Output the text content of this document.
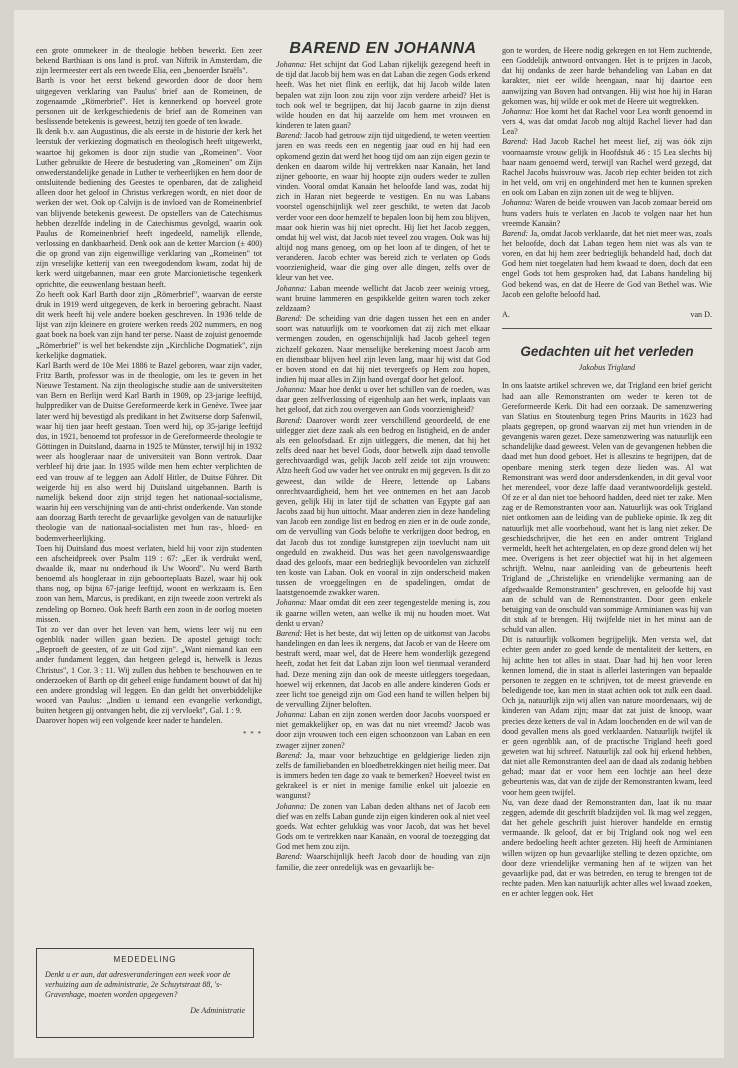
een grote ommekeer in de theologie hebben bewerkt. Een zeer bekend Barthiaan is ons land is prof. van Niftrik in Amsterdam, die zijn leermeester eert als een tweede Elia, een „benoerder Israëls".

Barth is voor het eerst bekend geworden door de door hem uitgegeven verklaring van Paulus' brief aan de Romeinen, de zogenaamde „Römerbrief". Het is kennerkend op hoeveel grote personen uit de kerkgeschiedenis de brief aan de Romeinen van beslissende betekenis is geweest, hetzij ten goede of ten kwade.

Ik denk b.v. aan Augustinus, die als eerste in de historie der kerk het leerstuk der verkiezing dogmatisch en theologisch heeft uitgewerkt, waartoe hij gekomen is door zijn studie van „Romeinen". Voor Luther gebruikte de Heere de bestudering van „Romeinen" om Zijn onwederstandelijke genade in Luther te verheerlijken en hem door de ontsluitende bediening des Geestes te openbaren, dat de zaligheid alleen door het geloof in Christus verkregen wordt, en niet door de werken der wet. Ook op Calvijn is de invloed van de Romeinenbrief van blijvende betekenis geweest. De opstellers van de Catechismus hebben dezelfde indeling in de Catechismus gevolgd, waarin ook Paulus de Romeinenbrief heeft ingedeeld, namelijk ellende, verlossing en dankbaarheid. Denk ook aan de ketter Marcion (± 400) die op grond van zijn eigenwillige verklaring van „Romeinen" tot zijn vreselijke ketterij van een tweegodendom kwam, zodat hij de kerk werd uitgebannen, maar een grote Marcionietische tegenkerk oprichtte, die eeuwenlang bestaan heeft.

Zo heeft ook Karl Barth door zijn „Römerbrief", waarvan de eerste druk in 1919 werd uitgegeven, de kerk in beroering gebracht. Naast dit werk heeft hij vele andere boeken geschreven. In 1936 telde de lijst van zijn kleinere en grotere werken reeds 202 nummers, en nog gaat boek na boek van zijn hand ter perse. Naast de zojuist genoemde „Römerbrief" is wel het bekendste zijn „Kirchliche Dogmatiek", zijn kerkelijke dogmatiek.

Karl Barth werd de 10e Mei 1886 te Bazel geboren, waar zijn vader, Fritz Barth, professor was in de theologie, om les te geven in het Nieuwe Testament. Na zijn theologische studie aan de universiteiten van Bern en Berlijn werd Karl Barth in 1909, op 23-jarige leeftijd, hulpprediker van de Duitse Gereformeerde kerk in Genève. Twee jaar later werd hij bevestigd als predikant in het Zwitserse dorp Safenwil, waar hij tien jaar heeft gestaan. Toen werd hij, op 35-jarige leeftijd dus, in 1921, benoemd tot professor in de Gereformeerde theologie te Göttingen in Duitsland, daarna in 1925 te Münster, terwijl hij in 1932 weer als hoogleraar naar de universiteit van Bonn vertrok. Daar verbleef hij drie jaar. In 1935 wilde men hem echter verplichten de eed van trouw af te leggen aan Adolf Hitler, de Duitse Führer. Dit weigerde hij en also werd hij Duitsland uitgebannen. Barth is namelijk bekend door zijn strijd tegen het nationaal-socialisme, waarin hij een verschijning van de anti-christ onderkende. Van stonde aan doorzag Barth terecht de gevaarlijke gevolgen van de natuurlijke theologie van de nationaal-socialisten met hun ras-, bloed- en bodemverheerlijking.

Toen hij Duitsland dus moest verlaten, hield hij voor zijn studenten een afscheidpreek over Psalm 119 : 67: „Eer ik verdrukt werd, dwaalde ik, maar nu onderhoud ik Uw Woord". Nu werd Barth benoemd als hoogleraar in zijn geboorteplaats Bazel, waar hij ook thans nog, op bijna 67-jarige leeftijd, woont en werkzaam is. Een zoon van hem, Marcus, is predikant, en zijn tweede zoon vertrekt als zendeling op Borneo. Ook heeft Barth een zoon in de oorlog moeten missen.

Tot zo ver dan over het leven van hem, wiens leer wij nu een ogenblik nader willen gaan bezien. De apostel getuigt toch: „Beproeft de geesten, of ze uit God zijn". „Want niemand kan een ander fundament leggen, dan hetgeen gelegd is, hetwelk is Jezus Christus", 1 Cor. 3 : 11. Wij zullen dus hebben te beschouwen en te onderzoeken of Barth op dit geheel enige fundament bouwt of dat hij een andere grondslag wil leggen. En dan geldt het onverbiddelijke woord van Paulus: „Indien u iemand een evangelie verkondigt, buiten hetgeen gij ontvangen hebt, die zij vervloekt", Gal. 1 : 9.

Daarover hopen wij een volgende keer nader te handelen.

* * *
MEDEDELING
Denkt u er aan, dat adresveranderingen een week voor de verhuizing aan de administratie, 2e Schuytstraat 88, 's-Gravenhage, moeten worden opgegeven?
De Administratie
BAREND EN JOHANNA

Johanna: Het schijnt dat God Laban rijkelijk gezegend heeft in de tijd dat Jacob bij hem was en dat Laban die zegen Gods erkend heeft. Was het niet flink en eerlijk, dat hij Jacob wilde laten bepalen wat zijn loon zou zijn voor zijn verdere arbeid? Het is toch ook wel te begrijpen, dat hij Jacob gaarne in zijn dienst wilde houden en dat hij aarzelde om hem met vrouwen en kinderen te laten gaan?

Barend: Jacob had getrouw zijn tijd uitgediend, te weten veertien jaren en was reeds een en negentig jaar oud en hij had een opkomend gezin dat werd het hoog tijd om aan zijn eigen gezin te denken en daarom wilde hij vertrekken naar Kanaän, het land zijner geboorte, en waar hij hoopte zijn ouders weder te zullen vinden. Vooral omdat Kanaän het beloofde land was, zodat hij zich in Haran niet begeerde te vestigen. En nu was Labans voorstel ogenschijnlijk wel zeer geschikt, te weten dat Jacob verder voor een door hemzelf te bepalen loon bij hem zou blijven, maar ook hierin was hij niet oprecht. Hij liet het Jacob zeggen, omdat hij wel wist, dat Jacob niet teveel zou vragen. Ook was hij altijd nog mans genoeg, om op het loon af te dingen, of het te veranderen. Jacob echter was bereid zich te verlaten op Gods voorzienigheid, waar die ging over alle dingen, zelfs over de kleur van het vee.

Johanna: Laban meende wellicht dat Jacob zeer weinig vroeg, want bruine lammeren en gespikkelde geiten waren toch zeker zeldzaam?

Barend: De scheiding van drie dagen tussen het een en ander soort was natuurlijk om te voorkomen dat zij zich met elkaar vermengen zouden, en ogenschijnlijk had Jacob geheel tegen zichzelf gekozen. Naar menselijke berekening moest Jacob arm en dienstbaar blijven heel zijn leven lang, maar hij wist dat God er boven stond en dat hij niet tevergeefs op Hem zou hopen, indien hij maar alles in Zijn hand overgaf door het geloof.

Johanna: Maar hoe denkt u over het schillen van de roeden, was daar geen zelfverlossing of eigenhulp aan het werk, inplaats van het geloof, dat zich zou overgeven aan Gods voorzienigheid?

Barend: Daarover wordt zeer verschillend geoordeeld, de ene uitlegger ziet deze zaak als een bedrog en listigheid, en de ander als een geloofsdaad. Er zijn uitleggers, die menen, dat hij het zelfs deed naar het bevel Gods, door hetwelk zijn daad tenvolle gerechtvaardigd was, gelijk Jacob zelf zeide tot zijn vrouwen: Alzo heeft God uw vader het vee ontrukt en mij gegeven. Is dit zo geweest, dan wilde de Heere, lettende op Labans onrechtvaardigheid, hem het vee ontnemen en het aan Jacob geven, gelijk Hij in later tijd de schatten van Egypte gaf aan Jacobs zaad bij hun uittocht. Maar anderen zien in deze handeling van Jacob een zondige list en bedrog en zien er in de oude zonde, om de vervulling van Gods belofte te verkrijgen door bedrog, en dat Jacob dus tot zondige kunstgrepen zijn toevlucht nam uit ongeduld en zwakheid. Dus was het geen navolgenswaardige daad des geloofs, maar een bedrieglijk bevoordelen van zichzelf ten koste van Laban. Ook en vooral in zijn onderscheid maken tussen de vroeggelingen en de spadelingen, omdat de laatstgenoemde zwakker waren.

Johanna: Maar omdat dit een zeer tegengestelde mening is, zou ik gaarne willen weten, aan welke ik mij nu houden moet. Wat denkt u ervan?

Barend: Het is het beste, dat wij letten op de uitkomst van Jacobs handelingen en dan lees ik nergens, dat Jacob er van de Heere om bestraft werd, maar wel, dat de Heere hem wonderlijk gezegend heeft, zodat het feit dat Laban zijn loon wel tienmaal veranderd had. Deze mening zijn dan ook de meeste uitleggers toegedaan, hoewel wij erkennen, dat Jacob en alle andere kinderen Gods er zeer licht toe geneigd zijn om God een hand te willen helpen bij de vervulling Zijner beloften.

Johanna: Laban en zijn zonen werden door Jacobs voorspoed er niet gemakkelijker op, en was dat nu niet vreemd? Jacob was door zijn vrouwen toch een eigen schoonzoon van Laban en een zwager zijner zonen?

Barend: Ja, maar voor bebzuchtige en geldgierige lieden zijn zelfs de familiebanden en bloedbetrekkingen niet heilig meer. Dat is immers heden ten dage zo vaak te bemerken? Hoeveel twist en gekrakeel is er niet in menige familie enkel uit jaloezie en wangunst?

Johanna: De zonen van Laban deden althans net of Jacob een dief was en zelfs Laban gunde zijn eigen kinderen ook al niet veel goeds. Wat echter gelukkig was voor Jacob, dat was het bevel Gods om te vertrekken naar Kanaän, en vooral de toezegging dat God met hem zou zijn.

Barend: Waarschijnlijk heeft Jacob door de houding van zijn familie, die zeer onredelijk was en gevaarlijk be-

gon te worden, de Heere nodig gekregen en tot Hem zuchtende, een Goddelijk antwoord ontvangen. Het is te prijzen in Jacob, dat hij ondanks de zeer harde behandeling van Laban en dat karakter, niet eer wilde heengaan, naar hij daartoe een aanwijzing van Boven had ontvangen. Hij wist hoe hij in Haran gekomen was, hij wilde er ook met de Heere uit wegtrekken.

Johanna: Hoe komt het dat Rachel voor Lea wordt genoemd in vers 4, was dat omdat Jacob nog altijd Rachel liever had dan Lea?

Barend: Had Jacob Rachel het meest lief, zij was óók zijn voornaamste vrouw gelijk in Hoofdstuk 46 : 15 Lea slechts bij haar naam genoemd werd, terwijl van Rachel werd gezegd, dat Rachel Jacobs huisvrouw was. Jacob riep echter beiden tot zich in het veld, om vrij en ongehinderd met hen te kunnen spreken en ook om Laban en zijn zonen uit de weg te blijven.

Johanna: Waren de beide vrouwen van Jacob zomaar bereid om huns vaders huis te verlaten en Jacob te volgen naar het hun vreemde Kanaän?

Barend: Ja, omdat Jacob verklaarde, dat het niet meer was, zoals het beloofde, doch dat Laban tegen hem niet was als van te voren, en dat hij hem zeer bedrieglijk behandeld had, doch dat God hem niet toegelaten had hem kwaad te doen, doch dat een engel Gods tot hem gesproken had, dat Labans handeling bij God bekend was, en dat de Heere de God van Bethel was. Wie Jacob een gelofte beloofd had.

A.	van D.
Gedachten uit het verleden
Jakobus Trigland

In ons laatste artikel schreven we, dat Trigland een brief gericht had aan alle Remonstranten om weder te keren tot de Gereformeerde Kerk. Dit had een oorzaak. De samenzwering van Slatius en Stoutenburg tegen Prins Maurits in 1623 had plaats gegrepen, op grond waarvan zij met hun vrienden in de gevangenis waren gezet. Deze samenzwering was natuurlijk een schandelijke daad geweest. Velen van de gevangenen hebben die daad met hun dood geboet. Het is alleszins te begrijpen, dat de openbare mening sterk tegen deze lieden was. Al wat Remonstrant was werd door andersdenkenden, in dit geval voor het merendeel, voor deze laffe daad verantwoordelijk gesteld. Of ze er al dan niet toe behoord hadden, deed niet ter zake. Men zag er de Remonstranten voor aan. Natuurlijk was ook Trigland niet ontkomen aan de leiding van de publieke opinie. Ik zeg dit natuurlijk met alle voorbehoud, want het is lang niet zeker. De geschiedschrijver, die het een en ander omtrent Trigland vermeldt, heeft het achtergelaten, en op deze grond delen wij het mee. Overigens is het zeer objectief wat hij in het algemeen schrijft. Welnu, naar aanleiding van de gebeurtenis heeft Trigland de „Christelijke en vriendelijke vermaning aan de afgedwaalde Remonstranten" geschreven, en geloofde hij vast aan de schuld van de Remonstranten. Door geen enkele betuiging van de onschuld van sommige Arminianen was hij van dit stuk af te brengen. Hij twijfelde niet in het minst aan de schuld van allen.

Dit is natuurlijk volkomen begrijpelijk. Men versta wel, dat echter geen ander zo goed kende de mentaliteit der ketters, en hij achtte hen tot alles in staat. Daar had hij hen voor leren kennen lomend, die in staat is allerlei lasteringen van bepaalde personen te zeggen en te schrijven, tot de meest grievende en beledigende toe, kan men in staat achten ook tot zulk een daad. Och ja, natuurlijk zijn wij allen van nature moordenaars, wij de kinderen van Adam zijn; maar dat zat juist de knoop, waar precies deze ketters de val in Adam loochenden en de wil van de dood gevallen mens als goed verklaarden. Natuurlijk twijfel ik er geen ogenblik aan, of de practische Trigland heeft goed geweten wat hij schreef. Natuurlijk zal ook hij erkend hebben, dat niet alle Remonstranten deel aan de daad als zodanig hebben gehad; maar dat er voor hem een lochtje aan heel deze gebeurtenis was, dat van de zijde der Remonstranten kwam, leed voor hem geen twijfel.

Nu, van deze daad der Remonstranten dan, laat ik nu maar zeggen, ademde dit geschrift bladzijden vol. Ik mag wel zeggen, dat het gehele geschrift juist hierover handelde en ernstig vermaande. Ik geloof, dat er bij Trigland ook nog wel een andere bedoeling heeft achter gezeten. Hij heeft de Arminianen willen wijzen op hun gevaarlijke stelling te dezen opzichte, om door deze vriendelijke vermaning hen af te wijzen van het gevaarlijke pad, dat er was betreden, en terug te brengen tot de rechte paden. Men kan natuurlijk achter alles wel kwaad zoeken, en er achter leggen ook. Het
